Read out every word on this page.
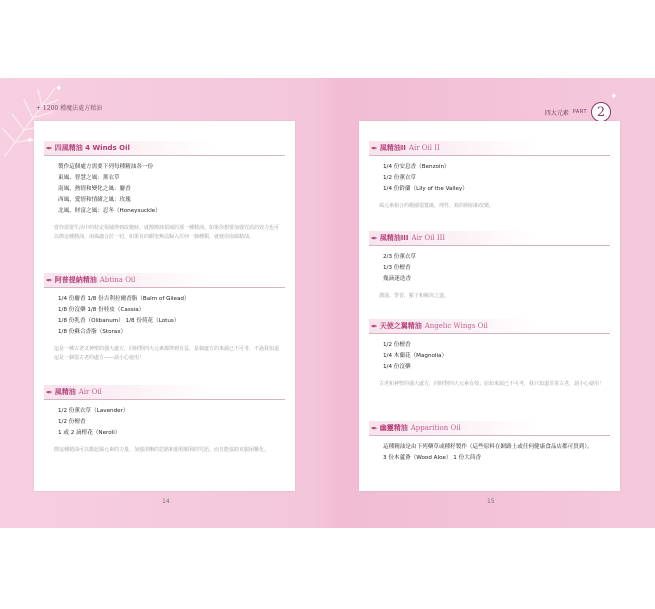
✦
✦
✦
+ 1200 種魔法處方精油
四大元素 PART 2
✒ 四風精油 4 Winds Oil
製作這個處方需要下列每種精油各一份
東風，智慧之風：薰衣草
南風，熱情和變化之風：麝香
西風，愛情和情緒之風：玫瑰
北風，財富之風：忍冬（Honeysuckle）
當你需要生活中的特定領域得到改變時，就擦擦該領域的那一種精油。如果你想要加強咒語的效力也可以擦這種精油，南風適合於一切，如果有的願望無法歸入任何一個種類，就使用南風精油。
✒ 阿普提納精油 Abtina Oil
1/4 份麝香 1/8 份吉利拉爾香脂（Balm of Gilead）
1/8 份沒藥 1/8 份桂皮（Cassia）
1/8 份乳香（Olibanum） 1/8 份荷花（Lotus）
1/8 份蘇合香脂（Storax）
這是一種古老又神聖的強大處方，同時對四大元素都得到有益，是個處方的來源已不可考，不過我知道這是一個很古老的處方——請小心使用！
✒ 風精油 Air Oil
1/2 份薰衣草（Lavender）
1/2 份檀香
1 或 2 滴橙花（Neroli）
擦這種精油可以激起風元素的力量，加強清晰的思路和旅程順利的咒語，而且能協助克服困難化。
✒ 風精油II Air Oil II
1/4 份安息香（Benzoin）
1/2 份薰衣草
1/4 份鈴蘭（Lily of the Valley）
風元素相合的範圍很寬廣，理性、寫的開始和改變。
✒ 風精油III Air Oil III
2/3 份薰衣草
1/3 份檀香
幾滴迷迭香
溝通、學習、點子和解決之道。
✒ 天使之翼精油 Angelic Wings Oil
1/2 份檀香
1/4 木蘭花（Magnolia）
1/4 份沒藥
古老和神聖的強大處方，同時對四大元素有效；原始來源已不可考，我只知道非常古老，請小心使用！
✒ 幽靈精油 Apparition Oil
這種精油是由下列藥草或種籽製作（這些原料在網路上或任何健康食品店都可買到）。
3 份木蘆薈（Wood Aloe） 1 份大茴香
14	15
